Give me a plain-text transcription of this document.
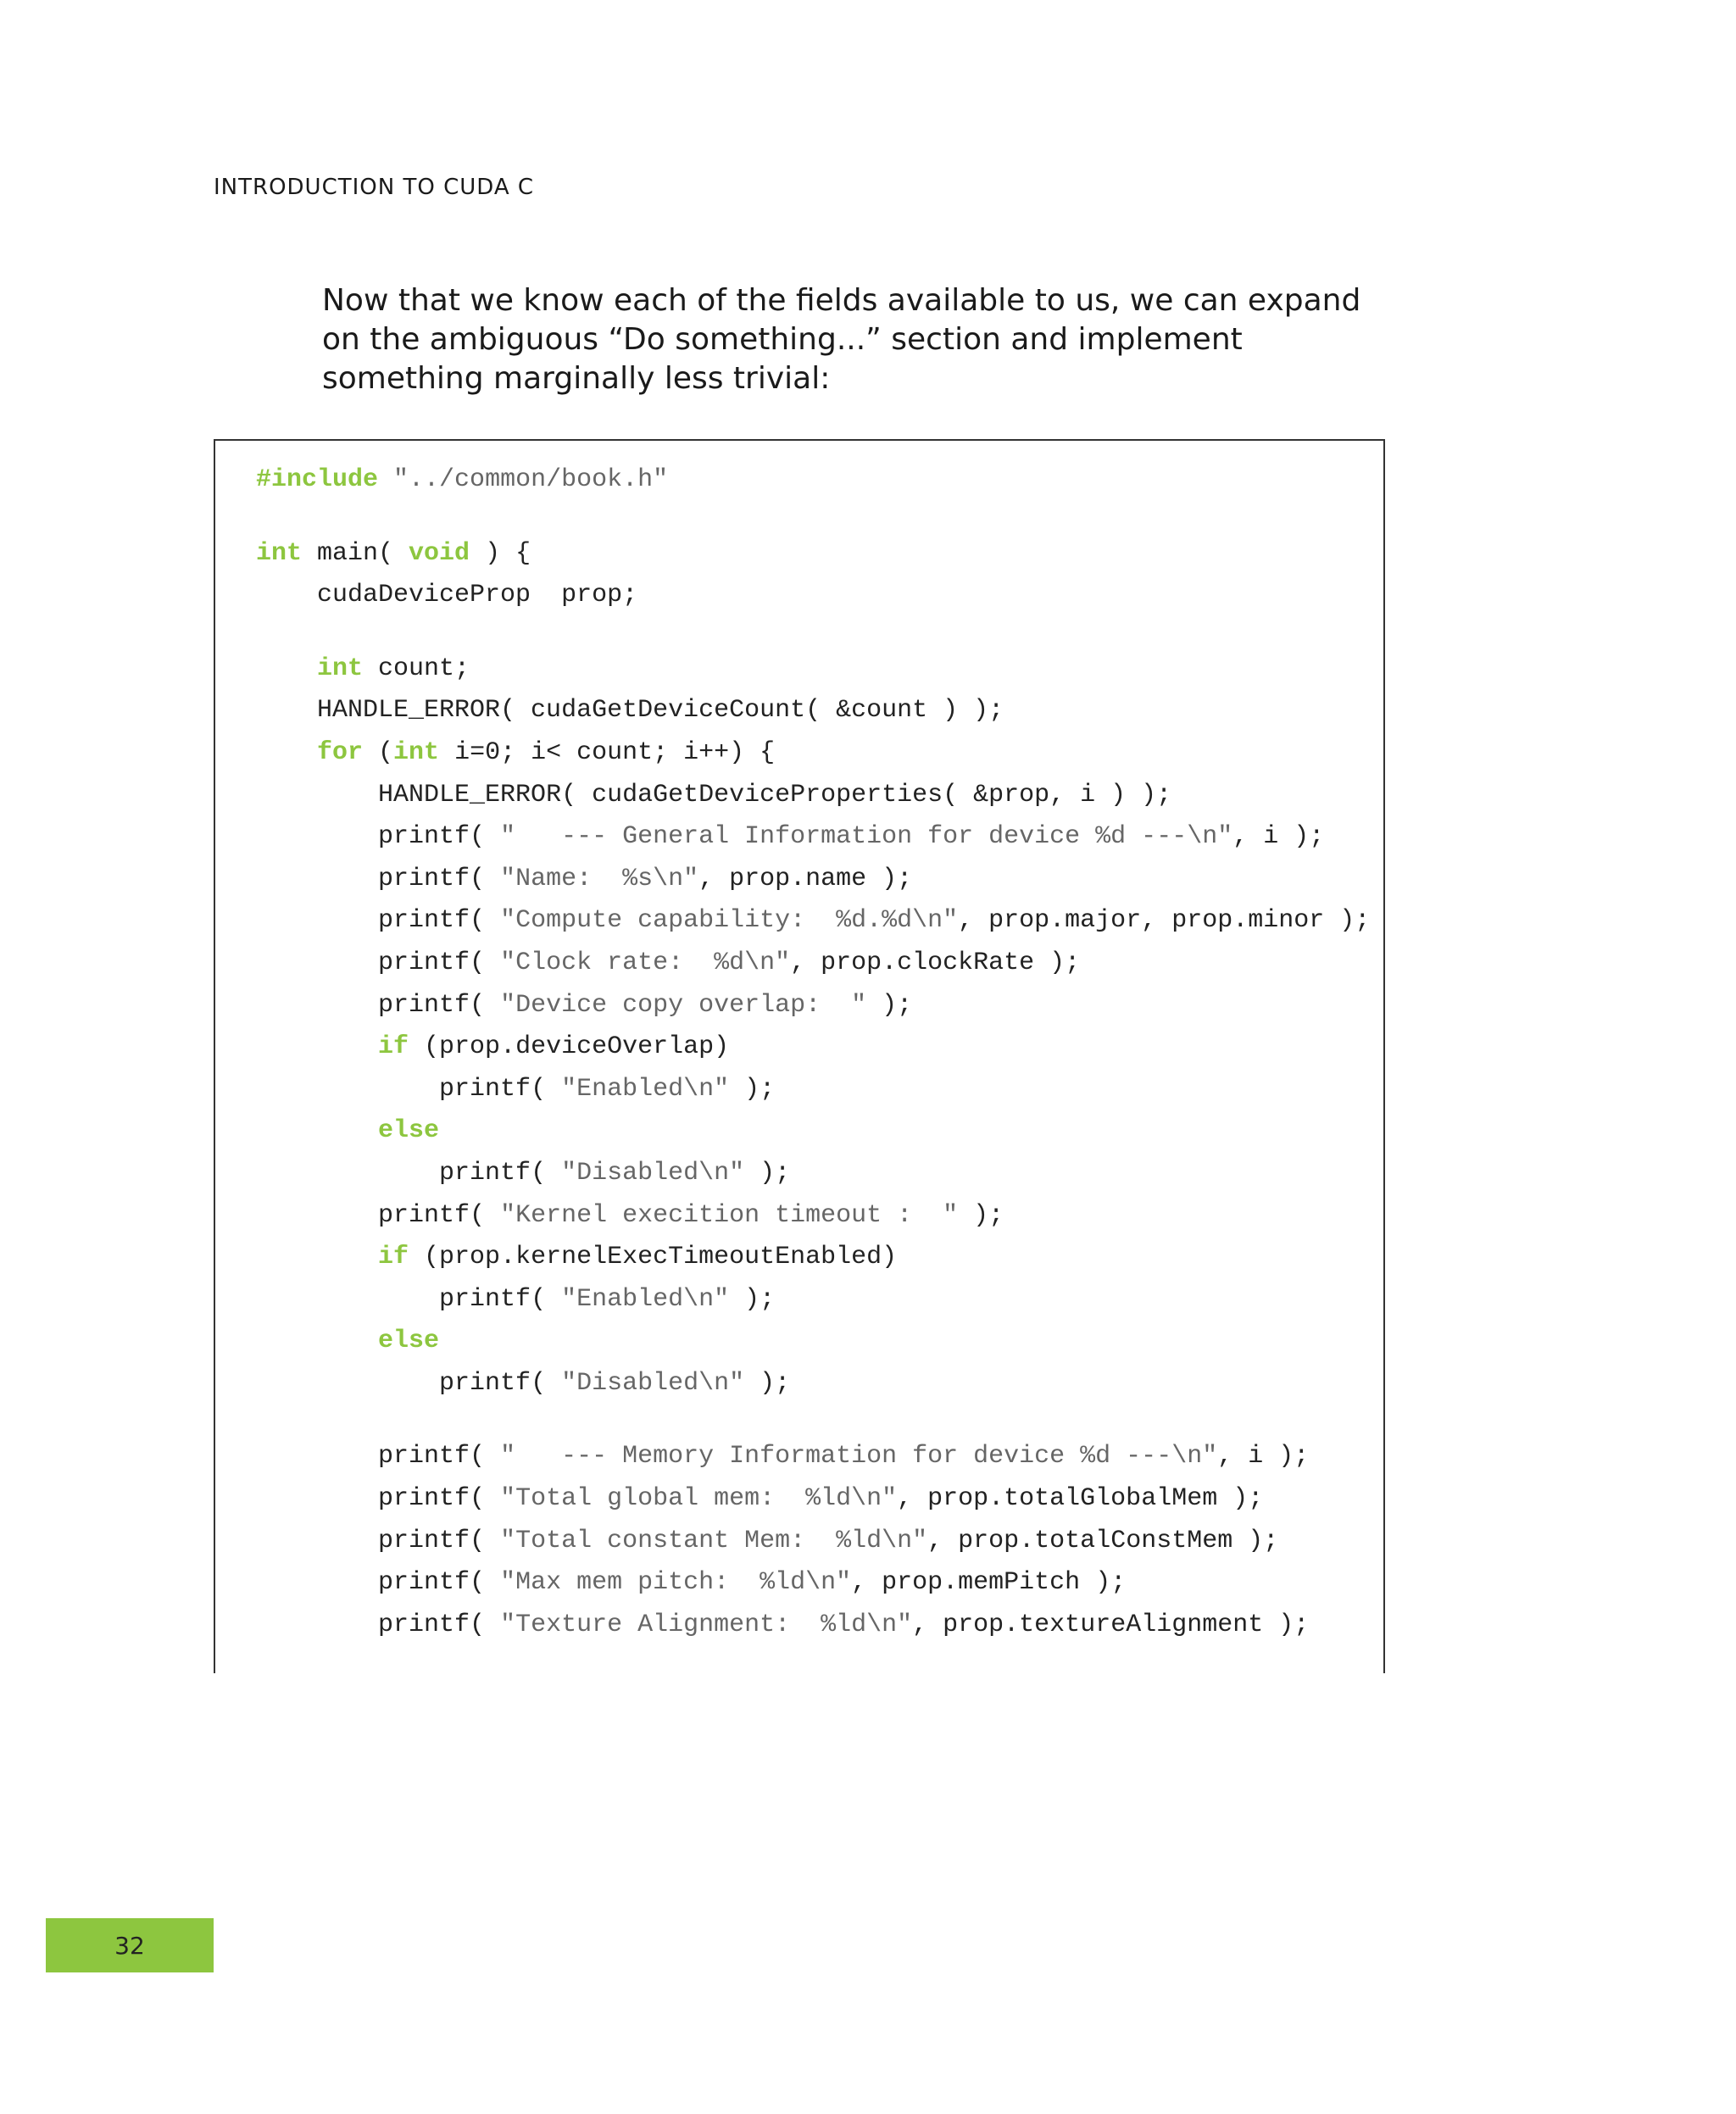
INTRODUCTION TO CUDA C
Now that we know each of the fields available to us, we can expand on the ambiguous “Do something...” section and implement something marginally less trivial:
#include "../common/book.h"
int main( void ) {
cudaDeviceProp  prop;
int count;
HANDLE_ERROR( cudaGetDeviceCount( &count ) );
for (int i=0; i< count; i++) {
HANDLE_ERROR( cudaGetDeviceProperties( &prop, i ) );
printf( "   --- General Information for device %d ---\n", i );
printf( "Name:  %s\n", prop.name );
printf( "Compute capability:  %d.%d\n", prop.major, prop.minor );
printf( "Clock rate:  %d\n", prop.clockRate );
printf( "Device copy overlap:  " );
if (prop.deviceOverlap)
printf( "Enabled\n" );
else
printf( "Disabled\n" );
printf( "Kernel execition timeout :  " );
if (prop.kernelExecTimeoutEnabled)
printf( "Enabled\n" );
else
printf( "Disabled\n" );
printf( "   --- Memory Information for device %d ---\n", i );
printf( "Total global mem:  %ld\n", prop.totalGlobalMem );
printf( "Total constant Mem:  %ld\n", prop.totalConstMem );
printf( "Max mem pitch:  %ld\n", prop.memPitch );
printf( "Texture Alignment:  %ld\n", prop.textureAlignment );
32
